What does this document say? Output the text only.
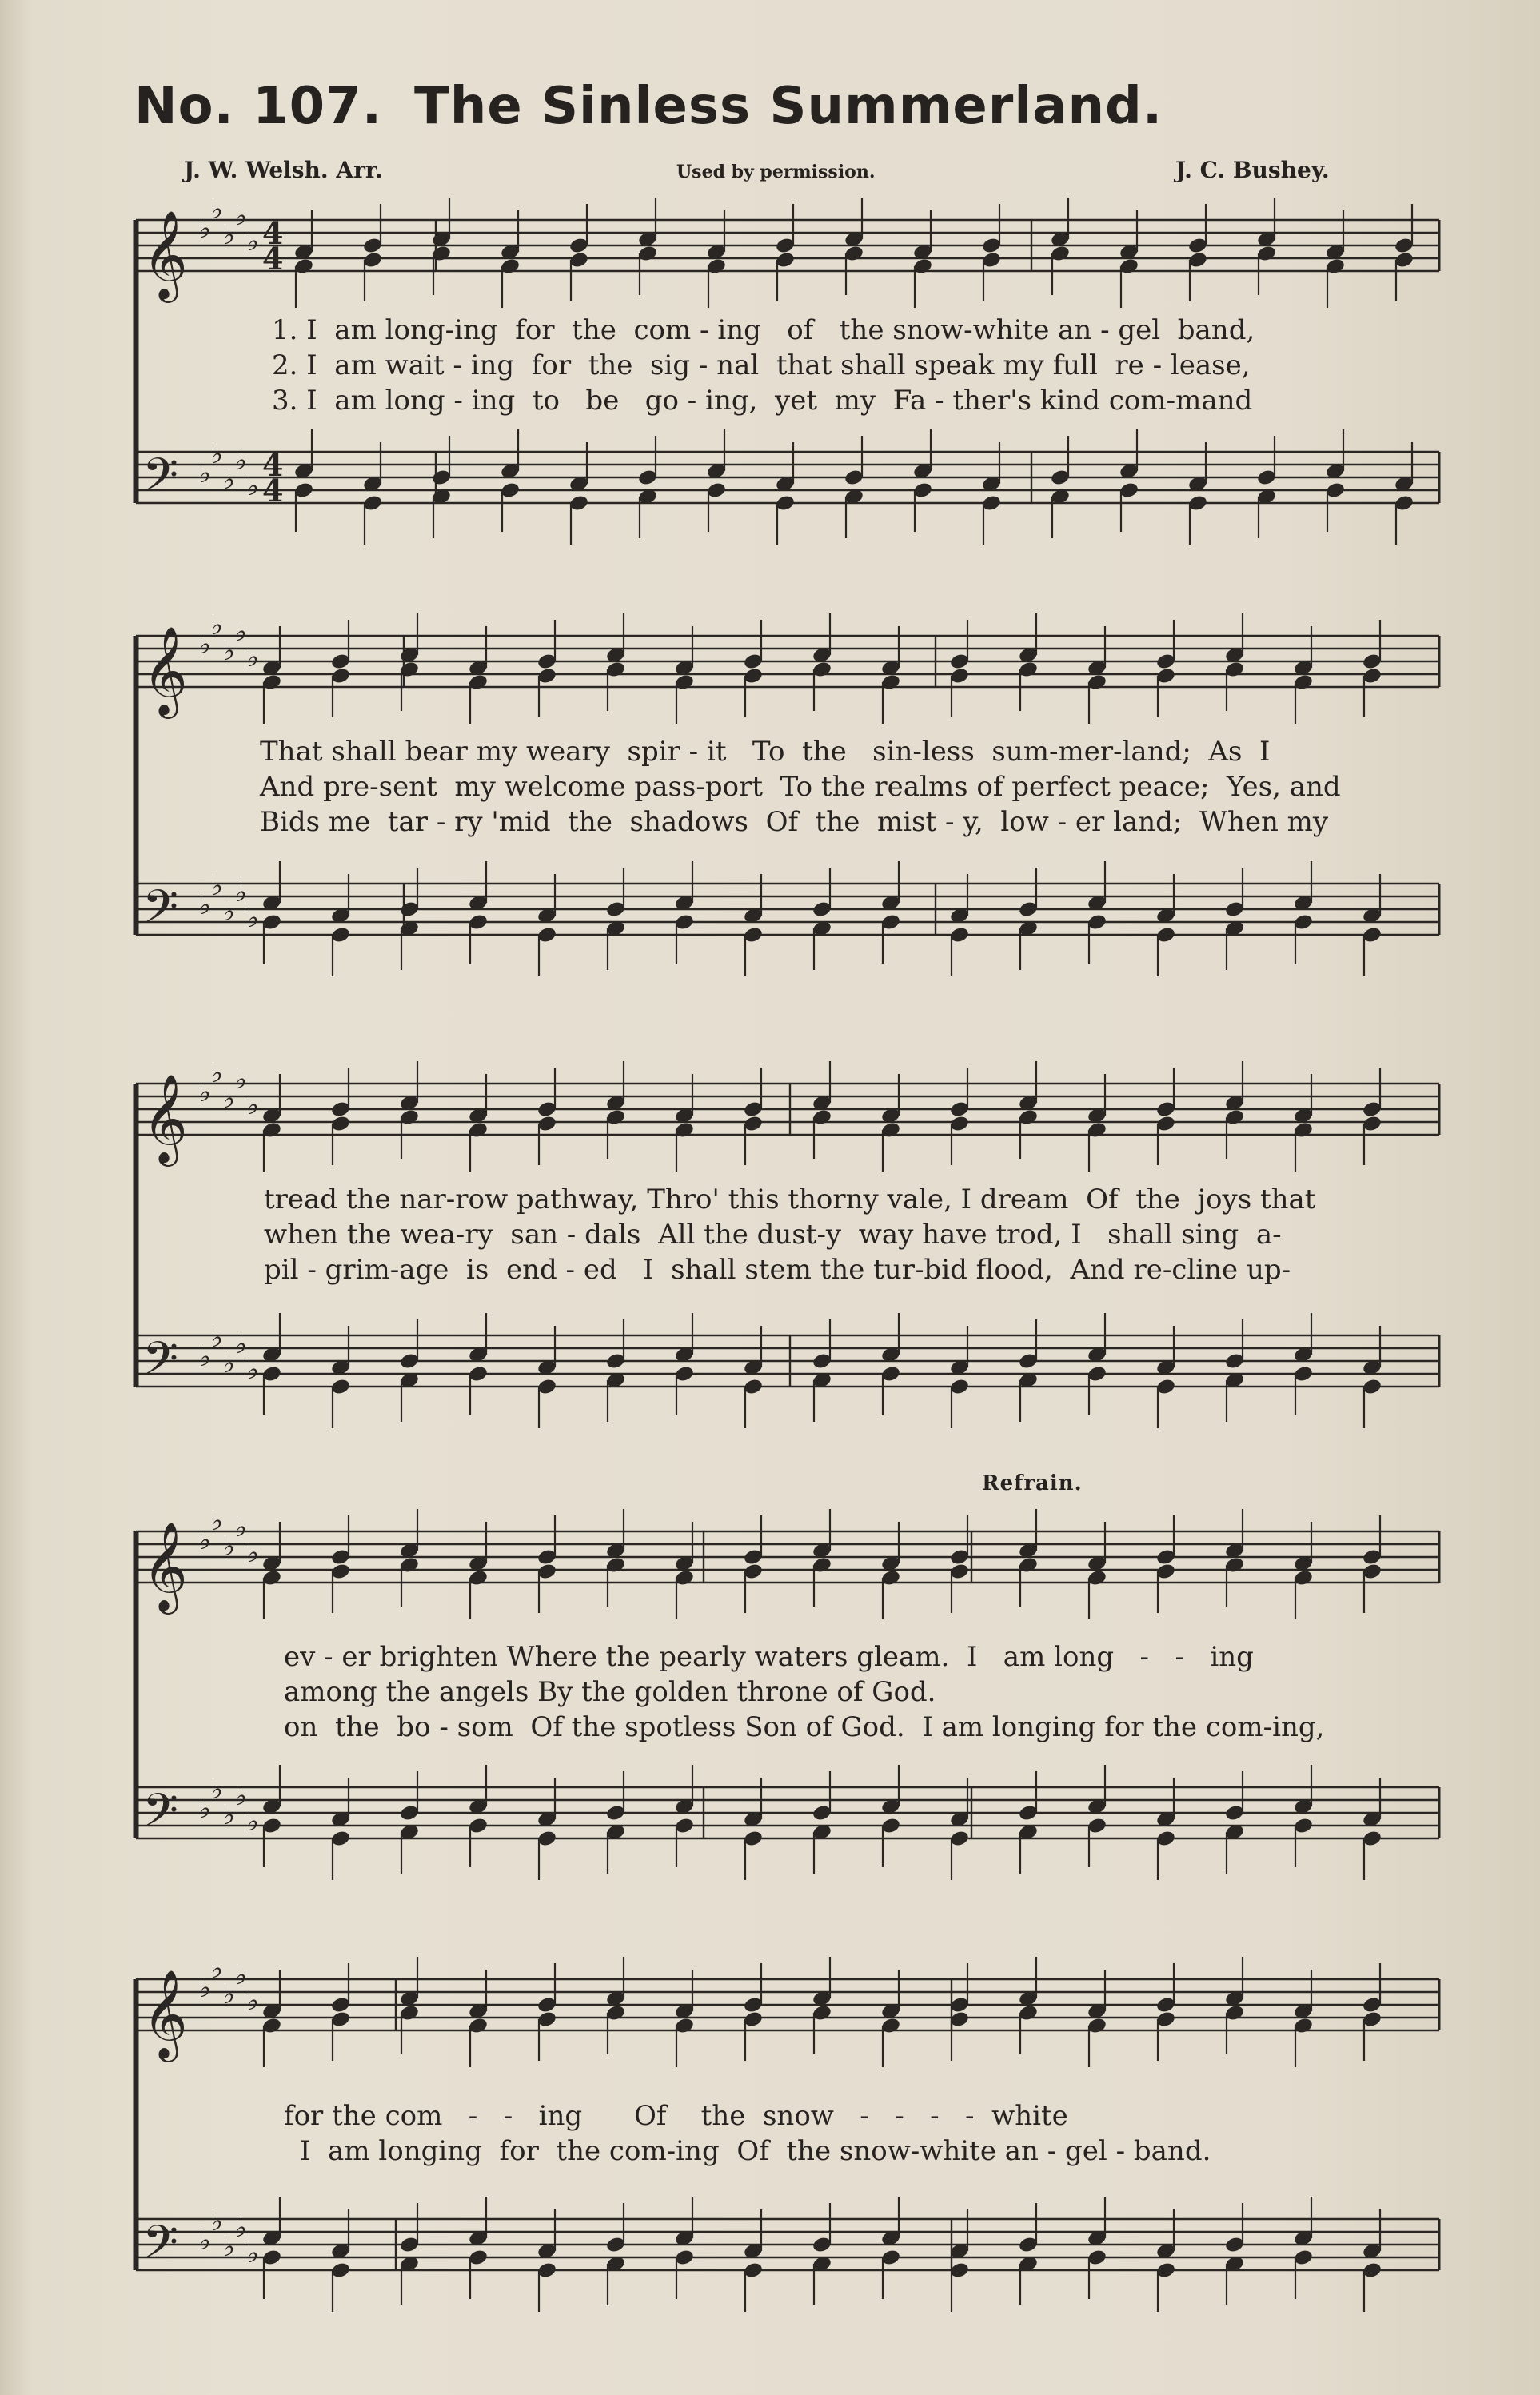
No. 107. The Sinless Summerland.
J. W. Welsh. Arr.	Used by permission.	J. C. Bushey.
𝄞
𝄢
♭
♭
♭
♭
♭
♭
♭
♭
♭
♭
4
4
4
4
1. I  am long-ing  for  the  com - ing   of   the snow-white an - gel  band,
2. I  am wait - ing  for  the  sig - nal  that shall speak my full  re - lease,
3. I  am long - ing  to   be   go - ing,  yet  my  Fa - ther's kind com-mand
𝄞
𝄢
♭
♭
♭
♭
♭
♭
♭
♭
♭
♭
That shall bear my weary  spir - it   To  the   sin-less  sum-mer-land;  As  I
And pre-sent  my welcome pass-port  To the realms of perfect peace;  Yes, and
Bids me  tar - ry 'mid  the  shadows  Of  the  mist - y,  low - er land;  When my
𝄞
𝄢
♭
♭
♭
♭
♭
♭
♭
♭
♭
♭
tread the nar-row pathway, Thro' this thorny vale, I dream  Of  the  joys that
when the wea-ry  san - dals  All the dust-y  way have trod, I   shall sing  a-
pil - grim-age  is  end - ed   I  shall stem the tur-bid flood,  And re-cline up-
Refrain.
𝄞
𝄢
♭
♭
♭
♭
♭
♭
♭
♭
♭
♭
ev - er brighten Where the pearly waters gleam.  I   am long   -   -   ing
among the angels By the golden throne of God.
on  the  bo - som  Of the spotless Son of God.  I am longing for the com-ing,
𝄞
𝄢
♭
♭
♭
♭
♭
♭
♭
♭
♭
♭
for the com   -   -   ing      Of    the  snow   -   -   -   -  white
I  am longing  for  the com-ing  Of  the snow-white an - gel - band.
